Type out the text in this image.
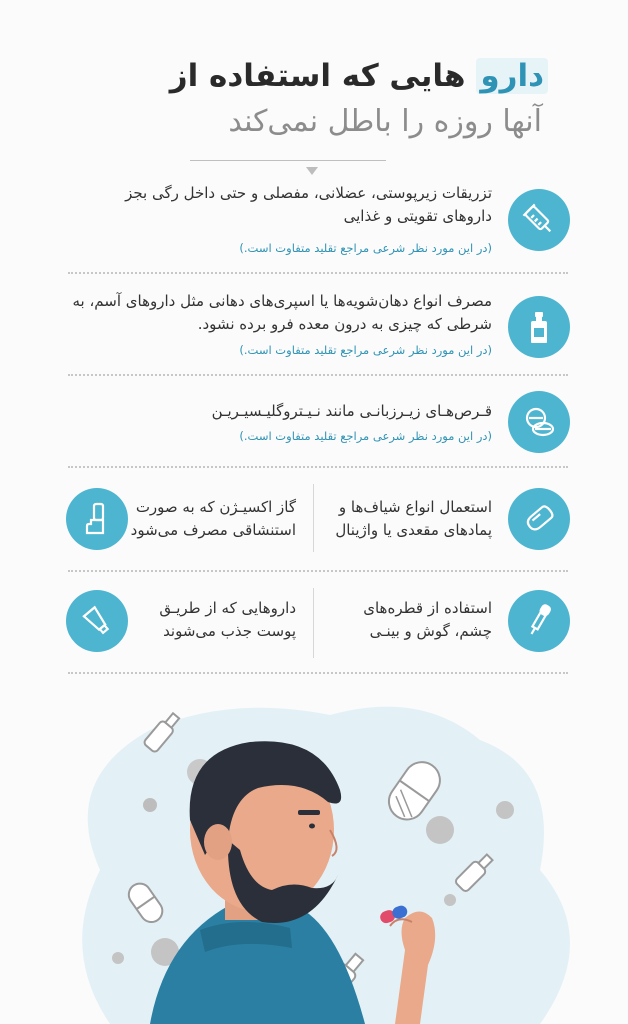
دارو هایی که استفاده از
آنها روزه را باطل نمی‌کند
تزریقات زیرپوستی، عضلانی، مفصلی و حتی داخل رگی بجز داروهای تقویتی و غذایی
(در این مورد نظر شرعی مراجع تقلید متفاوت است.)
مصرف انواع دهان‌شویه‌ها یا اسپری‌های دهانی مثل داروهای آسم، به شرطی که چیزی به درون معده فرو برده نشود.
(در این مورد نظر شرعی مراجع تقلید متفاوت است.)
قـرص‌هـای زیـرزبانـی مانند نـیـتروگلیـسیـریـن
(در این مورد نظر شرعی مراجع تقلید متفاوت است.)
استعمال انواع شیاف‌ها و پمادهای مقعدی یا واژینال
گاز اکسیـژن که به صورت استنشاقی مصرف می‌شود
استفاده از قطره‌های چشم، گوش و بینـی
داروهایی که از طریـق پوست جذب می‌شوند
